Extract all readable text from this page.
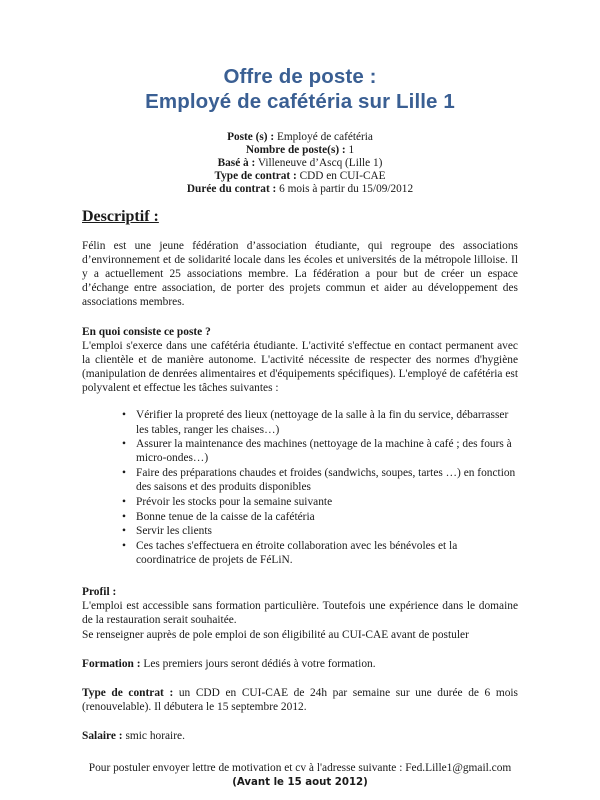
Offre de poste :
Employé de cafétéria sur Lille 1
Poste (s) : Employé de cafétéria
Nombre de poste(s) : 1
Basé à : Villeneuve d’Ascq (Lille 1)
Type de contrat : CDD en CUI-CAE
Durée du contrat : 6 mois à partir du 15/09/2012
Descriptif :

Félin est une jeune fédération d’association étudiante, qui regroupe des associations d’environnement et de solidarité locale dans les écoles et universités de la métropole lilloise. Il y a actuellement 25 associations membre. La fédération a pour but de créer un espace d’échange entre association, de porter des projets commun et aider au développement des associations membres.

En quoi consiste ce poste ?

L'emploi s'exerce dans une cafétéria étudiante. L'activité s'effectue en contact permanent avec la clientèle et de manière autonome. L'activité nécessite de respecter des normes d'hygiène (manipulation de denrées alimentaires et d'équipements spécifiques). L'employé de cafétéria est polyvalent et effectue les tâches suivantes :

• Vérifier la propreté des lieux (nettoyage de la salle à la fin du service, débarrasser les tables, ranger les chaises…)
• Assurer la maintenance des machines (nettoyage de la machine à café ; des fours à micro-ondes…)
• Faire des préparations chaudes et froides (sandwichs, soupes, tartes …) en fonction des saisons et des produits disponibles
• Prévoir les stocks pour la semaine suivante
• Bonne tenue de la caisse de la cafétéria
• Servir les clients
• Ces taches s'effectuera en étroite collaboration avec les bénévoles et la coordinatrice de projets de FéLiN.
Profil :

L'emploi est accessible sans formation particulière. Toutefois une expérience dans le domaine de la restauration serait souhaitée.

Se renseigner auprès de pole emploi de son éligibilité au CUI-CAE avant de postuler

Formation : Les premiers jours seront dédiés à votre formation.

Type de contrat : un CDD en CUI-CAE de 24h par semaine sur une durée de 6 mois (renouvelable). Il débutera le 15 septembre 2012.

Salaire : smic horaire.

Pour postuler envoyer lettre de motivation et cv à l'adresse suivante : Fed.Lille1@gmail.com
(Avant le 15 aout 2012)
